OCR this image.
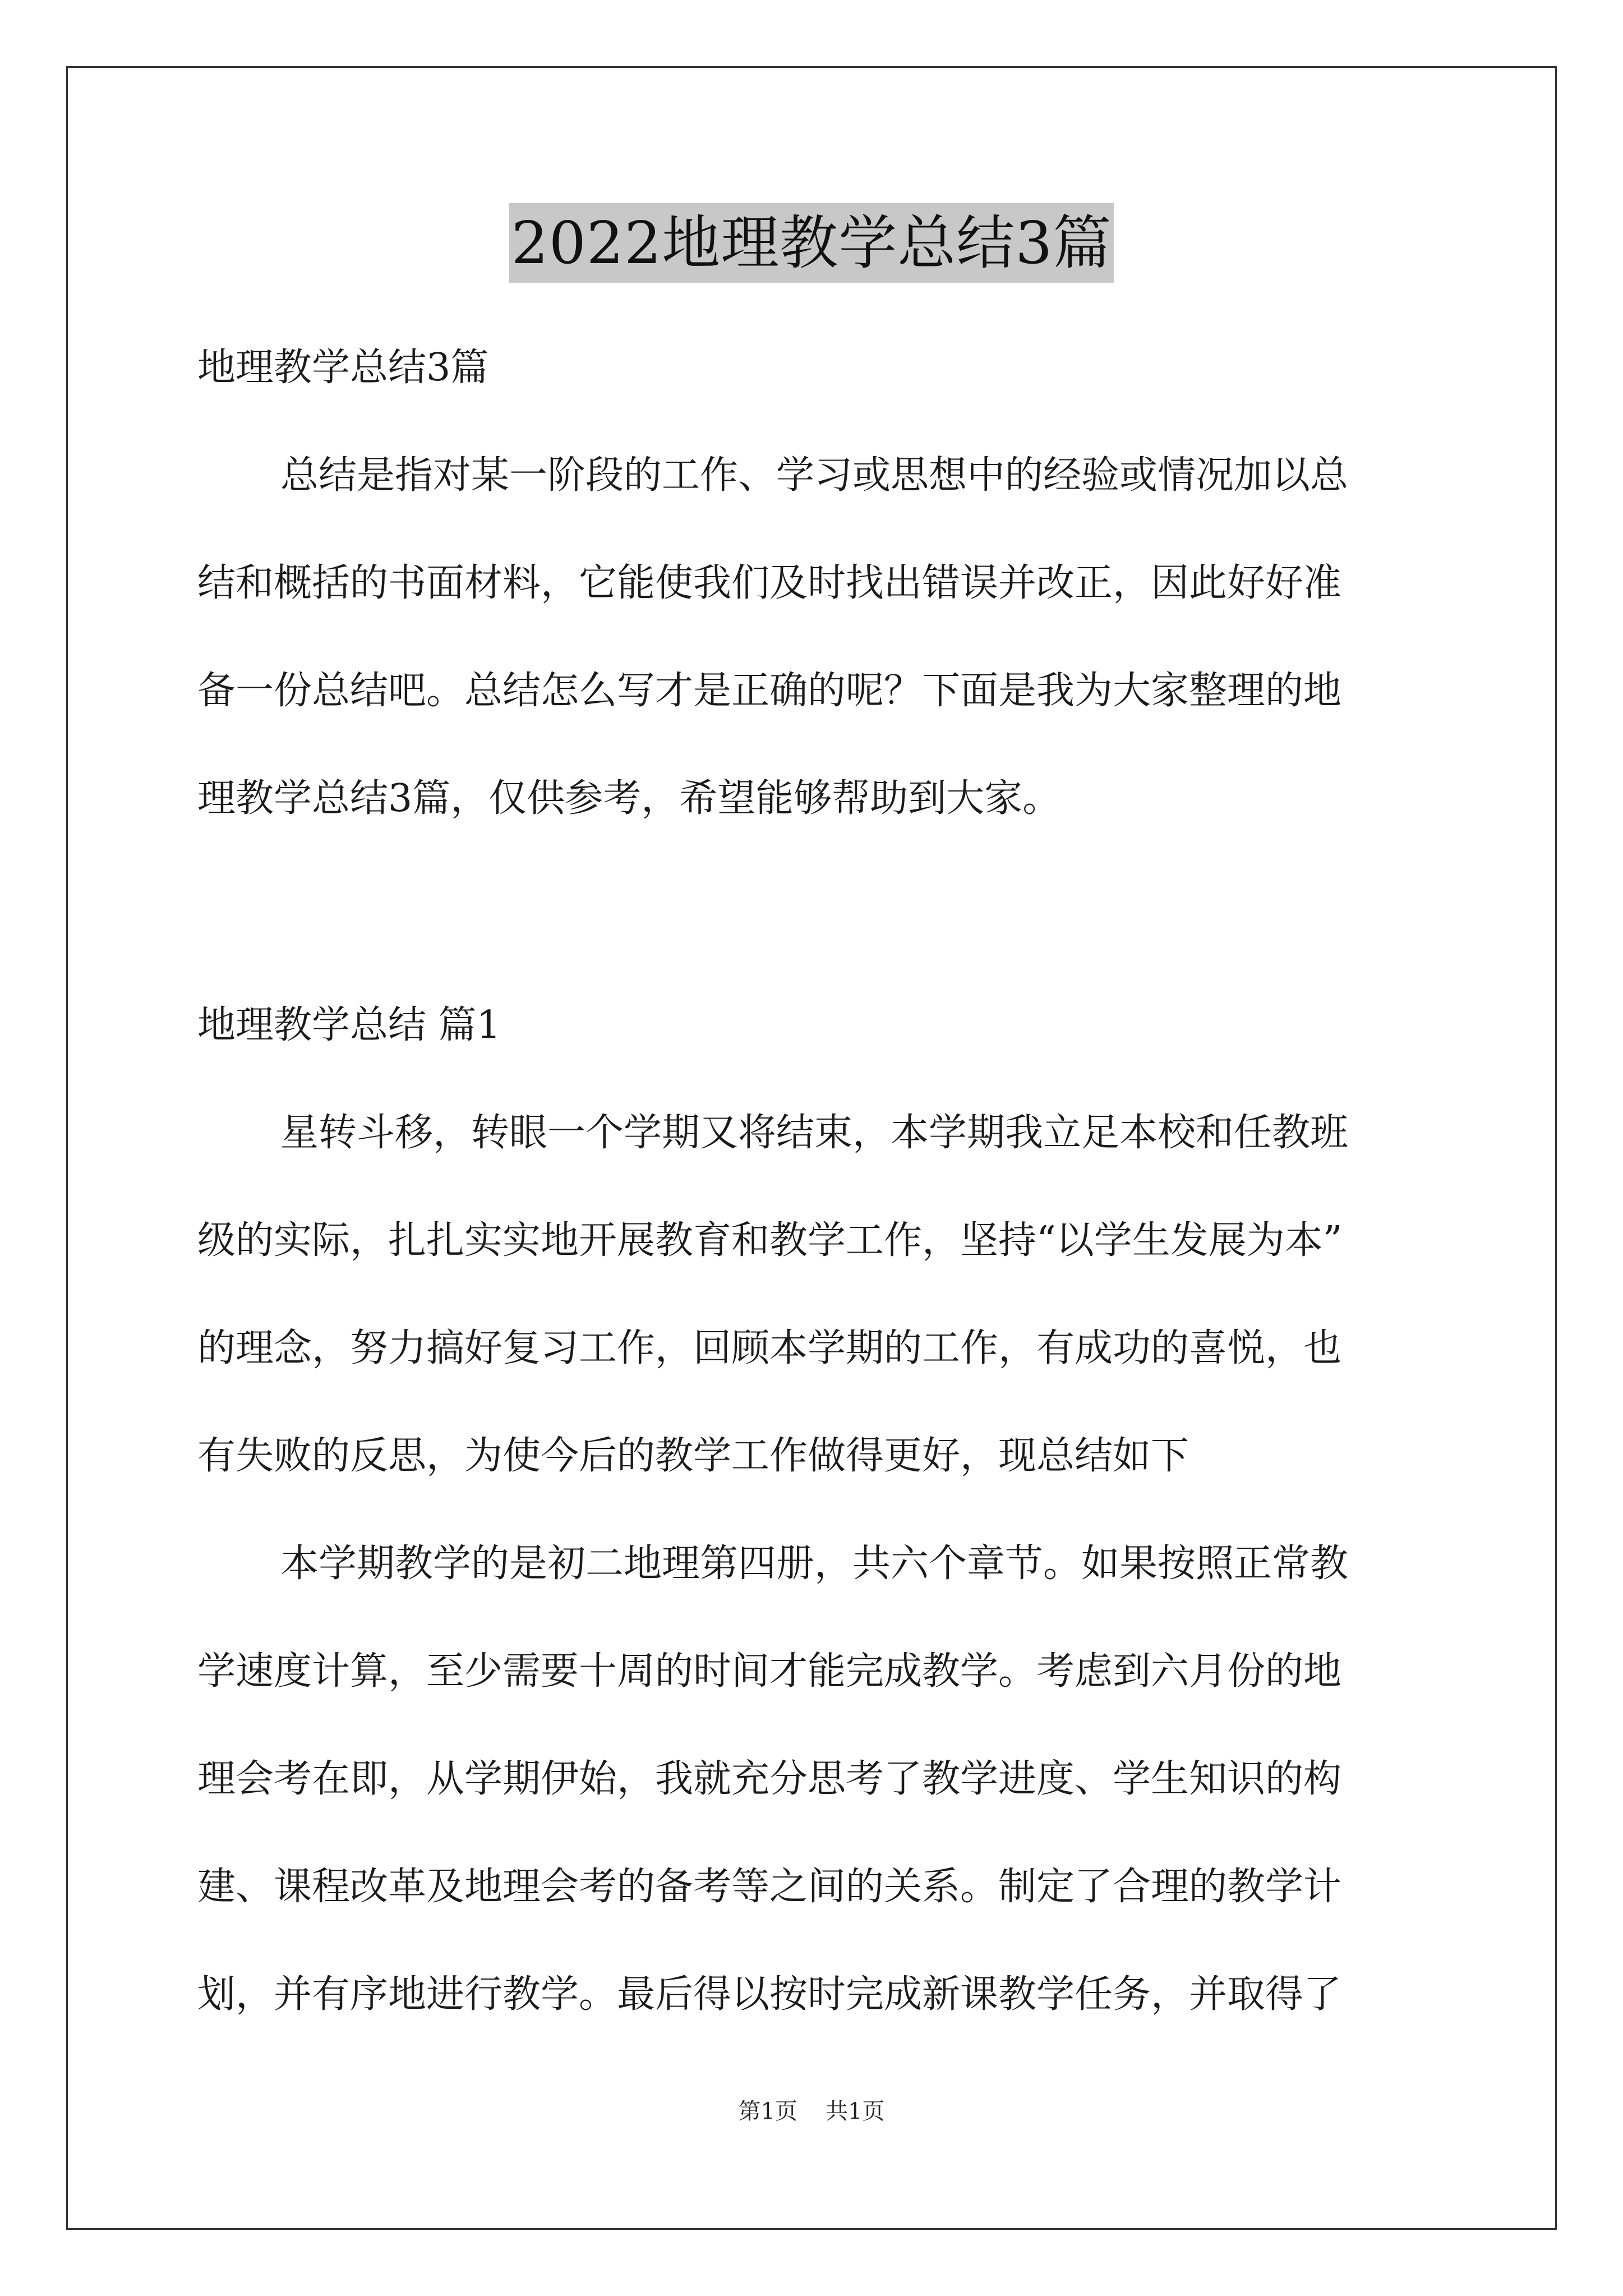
2022地理教学总结3篇
地理教学总结3篇
总结是指对某一阶段的工作、学习或思想中的经验或情况加以总
结和概括的书面材料，它能使我们及时找出错误并改正，因此好好准
备一份总结吧。总结怎么写才是正确的呢？下面是我为大家整理的地
理教学总结3篇，仅供参考，希望能够帮助到大家。
地理教学总结 篇1
星转斗移，转眼一个学期又将结束，本学期我立足本校和任教班
级的实际，扎扎实实地开展教育和教学工作，坚持“以学生发展为本”
的理念，努力搞好复习工作，回顾本学期的工作，有成功的喜悦，也
有失败的反思，为使今后的教学工作做得更好，现总结如下
本学期教学的是初二地理第四册，共六个章节。如果按照正常教
学速度计算，至少需要十周的时间才能完成教学。考虑到六月份的地
理会考在即，从学期伊始，我就充分思考了教学进度、学生知识的构
建、课程改革及地理会考的备考等之间的关系。制定了合理的教学计
划，并有序地进行教学。最后得以按时完成新课教学任务，并取得了
第1页 共1页
